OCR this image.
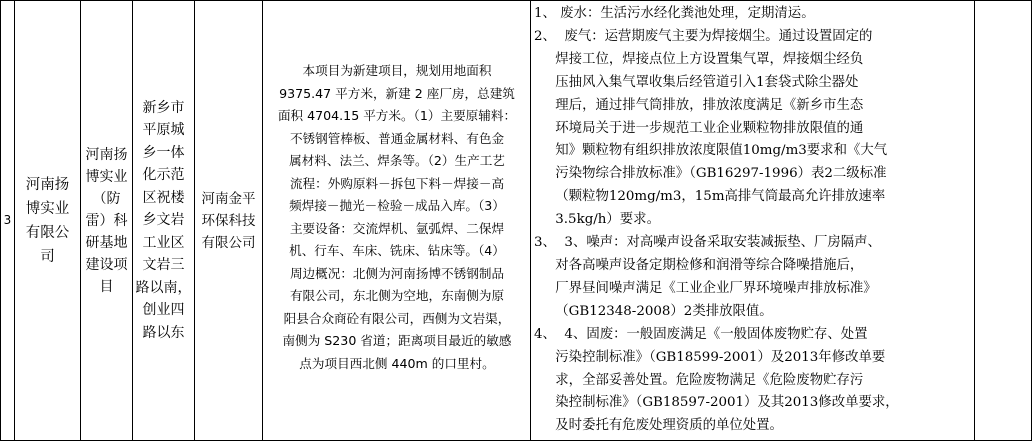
3
河南扬
博实业
有限公
司
河南扬
博实业
（防
雷）科
研基地
建设项
目
新乡市
平原城
乡一体
化示范
区祝楼
乡文岩
工业区
文岩三
路以南，
创业四
路以东
河南金平
环保科技
有限公司
本项目为新建项目，规划用地面积
9375.47 平方米，新建 2 座厂房，总建筑
面积 4704.15 平方米。（1）主要原辅料：
不锈钢管棒板、普通金属材料、有色金
属材料、法兰、焊条等。（2）生产工艺
流程：外购原料－拆包下料－焊接－高
频焊接－抛光－检验－成品入库。（3）
主要设备：交流焊机、氩弧焊、二保焊
机、行车、车床、铣床、钻床等。（4）
周边概况：北侧为河南扬博不锈钢制品
有限公司，东北侧为空地，东南侧为原
阳县合众商砼有限公司，西侧为文岩渠，
南侧为 S230 省道；距离项目最近的敏感
点为项目西北侧 440m 的口里村。
1、 废水：生活污水经化粪池处理，定期清运。
2、  废气：运营期废气主要为焊接烟尘。通过设置固定的
焊接工位，焊接点位上方设置集气罩，焊接烟尘经负
压抽风入集气罩收集后经管道引入1套袋式除尘器处
理后，通过排气筒排放，排放浓度满足《新乡市生态
环境局关于进一步规范工业企业颗粒物排放限值的通
知》颗粒物有组织排放浓度限值10mg/m3要求和《大气
污染物综合排放标准》（GB16297-1996）表2二级标准
（颗粒物120mg/m3，15m高排气筒最高允许排放速率
3.5kg/h）要求。
3、  3、噪声：对高噪声设备采取安装减振垫、厂房隔声、
对各高噪声设备定期检修和润滑等综合降噪措施后，
厂界昼间噪声满足《工业企业厂界环境噪声排放标准》
（GB12348-2008）2类排放限值。
4、  4、固废：一般固废满足《一般固体废物贮存、处置
污染控制标准》（GB18599-2001）及2013年修改单要
求，全部妥善处置。危险废物满足《危险废物贮存污
染控制标准》（GB18597-2001）及其2013修改单要求，
及时委托有危废处理资质的单位处置。
